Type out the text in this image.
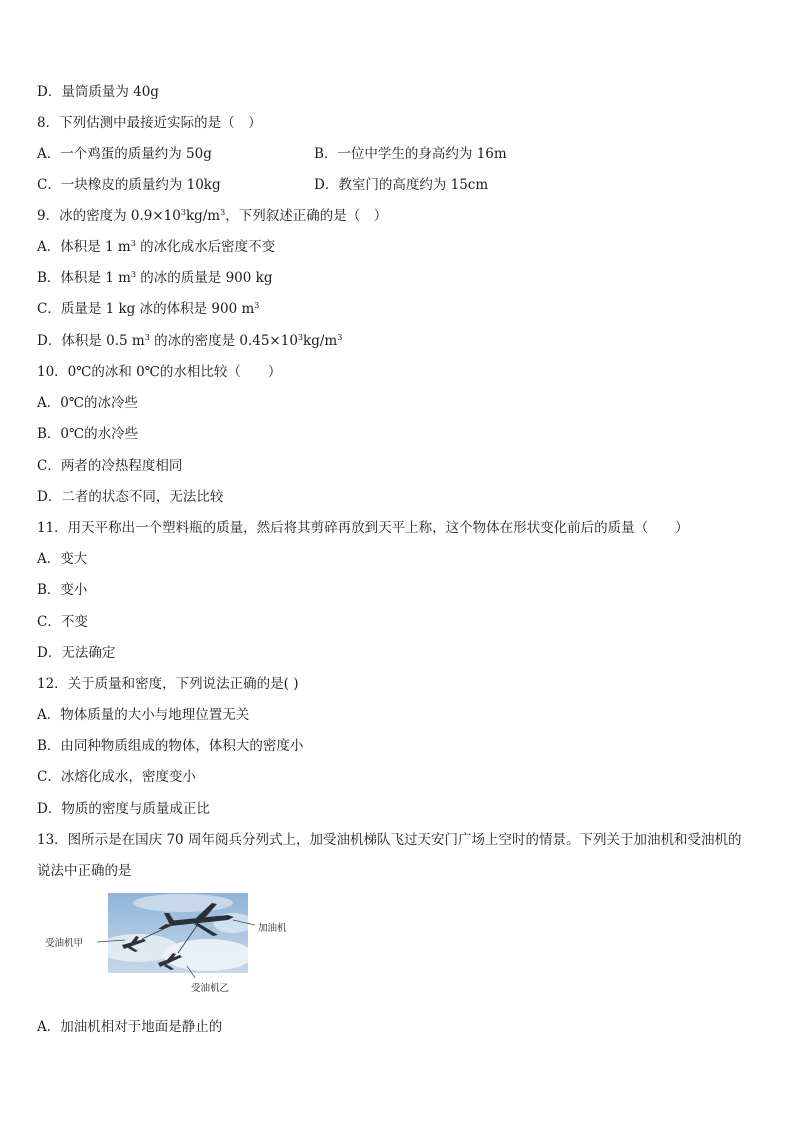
D．量筒质量为 40g
8．下列估测中最接近实际的是（　）
A．一个鸡蛋的质量约为 50g	B．一位中学生的身高约为 16m
C．一块橡皮的质量约为 10kg	D．教室门的高度约为 15cm
9．冰的密度为 $0.9\times 10^3kg/m^3$，下列叙述正确的是（　）
A．体积是 1 $m^3$ 的冰化成水后密度不变
B．体积是 1 $m^3$ 的冰的质量是 900 kg
C．质量是 1 kg 冰的体积是 900 $m^3$
D．体积是 0.5 $m^3$ 的冰的密度是 $0.45\times 10^3kg/m^3$
10．0℃的冰和 0℃的水相比较（　　）
A．0℃的冰冷些
B．0℃的水冷些
C．两者的冷热程度相同
D．二者的状态不同，无法比较
11．用天平称出一个塑料瓶的质量，然后将其剪碎再放到天平上称，这个物体在形状变化前后的质量（　　）
A．变大
B．变小
C．不变
D．无法确定
12．关于质量和密度，下列说法正确的是( )
A．物体质量的大小与地理位置无关
B．由同种物质组成的物体，体积大的密度小
C．冰熔化成水，密度变小
D．物质的密度与质量成正比
13．图所示是在国庆 70 周年阅兵分列式上，加受油机梯队飞过天安门广场上空时的情景。下列关于加油机和受油机的
说法中正确的是
加油机
受油机甲
受油机乙
A．加油机相对于地面是静止的
